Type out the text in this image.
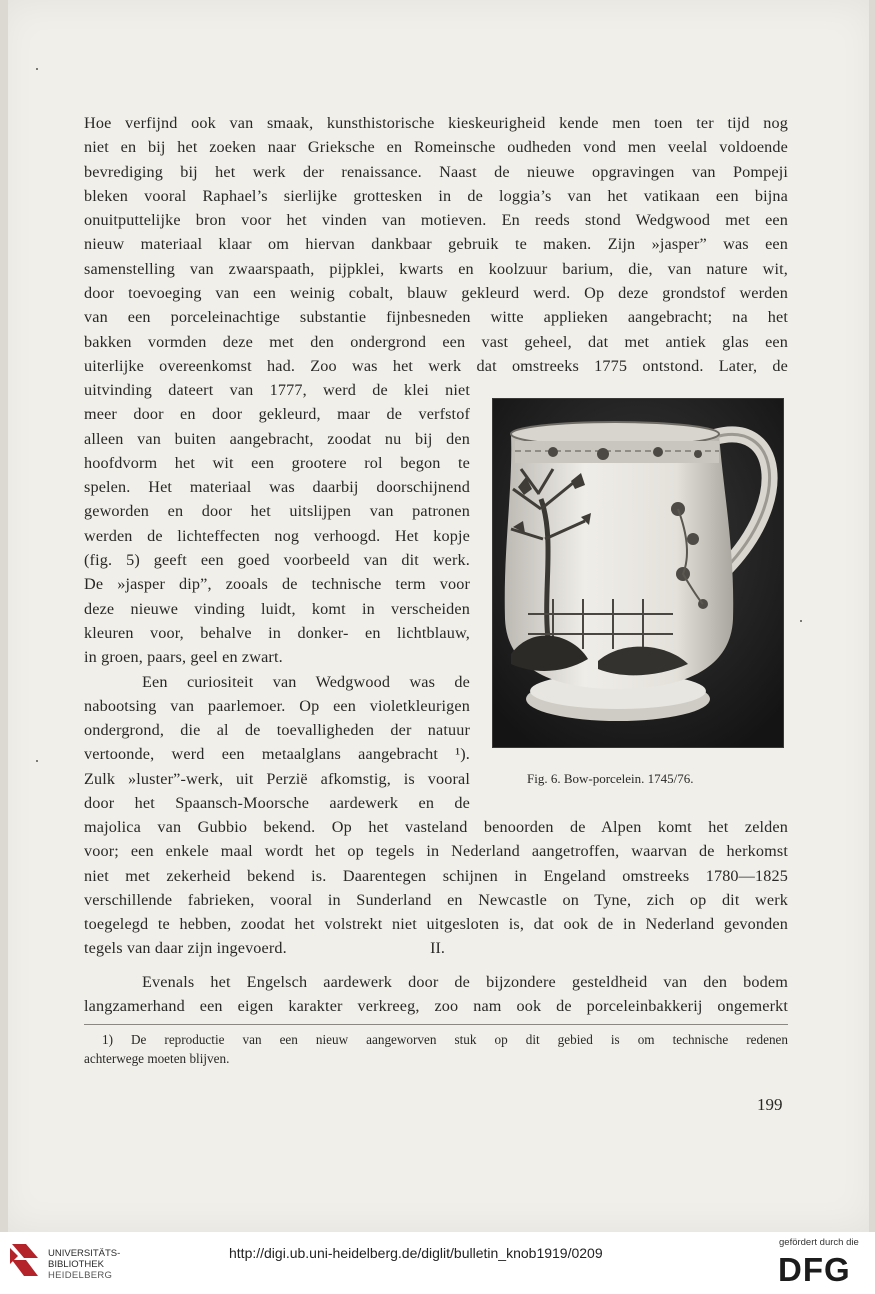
Hoe verfijnd ook van smaak, kunsthistorische kieskeurigheid kende men toen ter tijd nog
niet en bij het zoeken naar Grieksche en Romeinsche oudheden vond men veelal voldoende
bevrediging bij het werk der renaissance. Naast de nieuwe opgravingen van Pompeji
bleken vooral Raphael’s sierlijke grottesken in de loggia’s van het vatikaan een bijna
onuitputtelijke bron voor het vinden van motieven. En reeds stond Wedgwood met een
nieuw materiaal klaar om hiervan dankbaar gebruik te maken. Zijn »jasper” was een
samenstelling van zwaarspaath, pijpklei, kwarts en koolzuur barium, die, van nature wit,
door toevoeging van een weinig cobalt, blauw gekleurd werd. Op deze grondstof werden
van een porceleinachtige substantie fijnbesneden witte applieken aangebracht; na het
bakken vormden deze met den ondergrond een vast geheel, dat met antiek glas een
uiterlijke overeenkomst had. Zoo was het werk dat omstreeks 1775 ontstond. Later, de
uitvinding dateert van 1777, werd de klei niet
meer door en door gekleurd, maar de verfstof
alleen van buiten aangebracht, zoodat nu bij den
hoofdvorm het wit een grootere rol begon te
spelen. Het materiaal was daarbij doorschijnend
geworden en door het uitslijpen van patronen
werden de lichteffecten nog verhoogd. Het kopje
(fig. 5) geeft een goed voorbeeld van dit werk.
De »jasper dip”, zooals de technische term voor
deze nieuwe vinding luidt, komt in verscheiden
kleuren voor, behalve in donker- en lichtblauw,
in groen, paars, geel en zwart.
Een curiositeit van Wedgwood was de
nabootsing van paarlemoer. Op een violetkleurigen
ondergrond, die al de toevalligheden der natuur
vertoonde, werd een metaalglans aangebracht ¹).
Zulk »luster”-werk, uit Perzië afkomstig, is vooral
door het Spaansch-Moorsche aardewerk en de
Fig. 6. Bow-porcelein. 1745/76.
majolica van Gubbio bekend. Op het vasteland benoorden de Alpen komt het zelden
voor; een enkele maal wordt het op tegels in Nederland aangetroffen, waarvan de herkomst
niet met zekerheid bekend is. Daarentegen schijnen in Engeland omstreeks 1780—1825
verschillende fabrieken, vooral in Sunderland en Newcastle on Tyne, zich op dit werk
toegelegd te hebben, zoodat het volstrekt niet uitgesloten is, dat ook de in Nederland gevonden
tegels van daar zijn ingevoerd.	II.
Evenals het Engelsch aardewerk door de bijzondere gesteldheid van den bodem
langzamerhand een eigen karakter verkreeg, zoo nam ook de porceleinbakkerij ongemerkt
1) De reproductie van een nieuw aangeworven stuk op dit gebied is om technische redenen
achterwege moeten blijven.
199
UNIVERSITÄTS-
BIBLIOTHEK
HEIDELBERG
http://digi.ub.uni-heidelberg.de/diglit/bulletin_knob1919/0209
gefördert durch die
DFG
